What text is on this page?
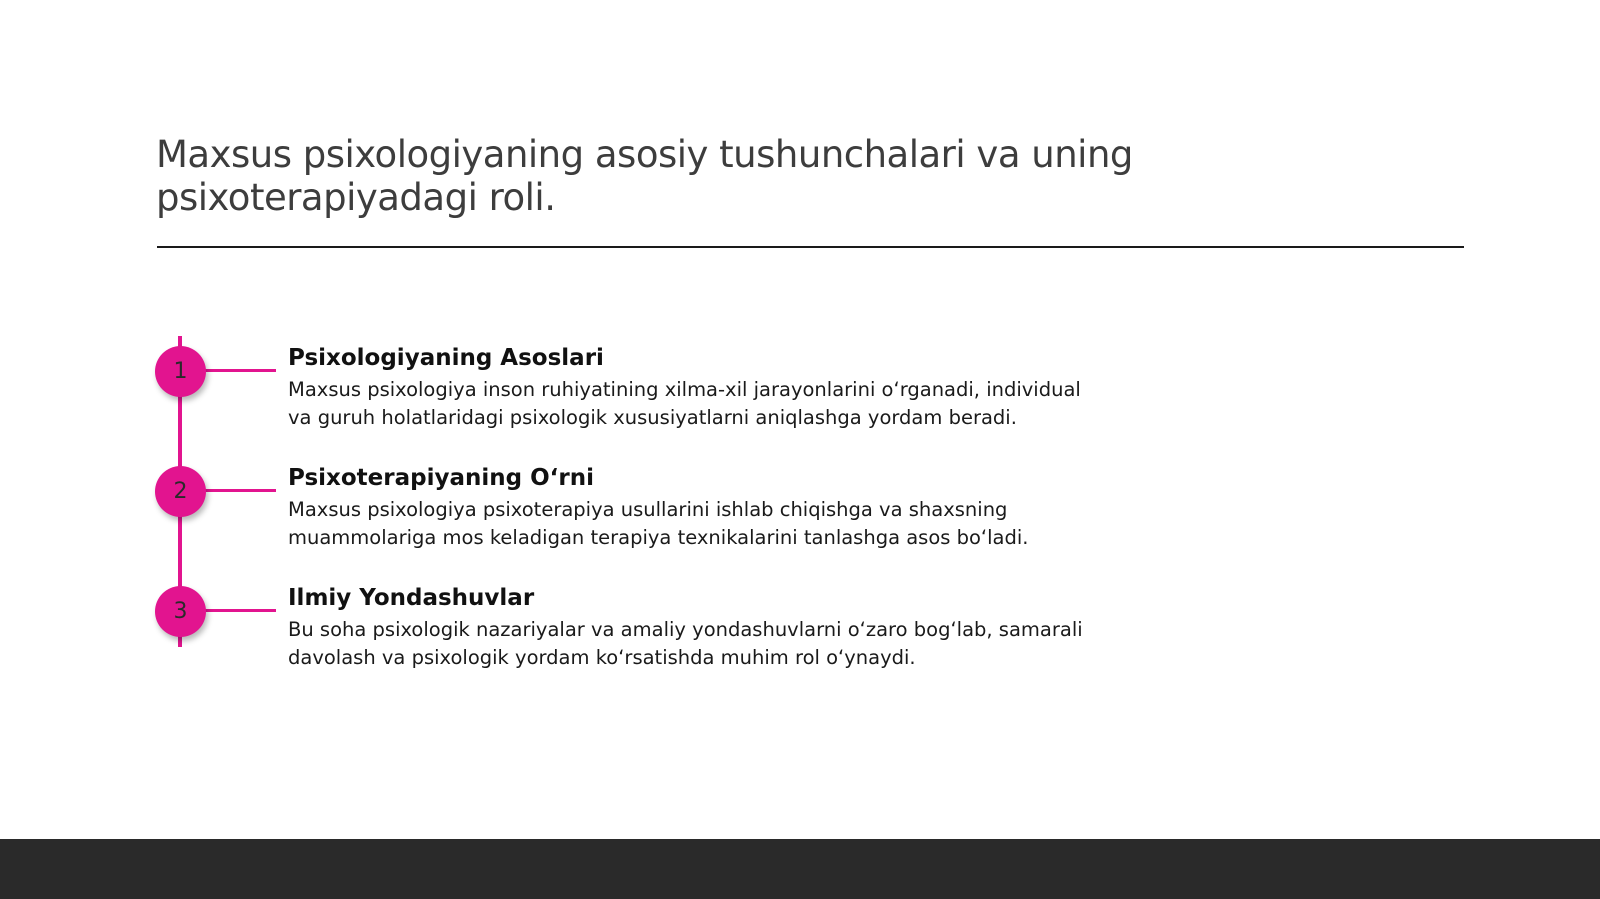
Maxsus psixologiyaning asosiy tushunchalari va uning
psixoterapiyadagi roli.
1
Psixologiyaning Asoslari

Maxsus psixologiya inson ruhiyatining xilma-xil jarayonlarini o‘rganadi, individual va guruh holatlaridagi psixologik xususiyatlarni aniqlashga yordam beradi.

2
Psixoterapiyaning O‘rni

Maxsus psixologiya psixoterapiya usullarini ishlab chiqishga va shaxsning muammolariga mos keladigan terapiya texnikalarini tanlashga asos bo‘ladi.

3
Ilmiy Yondashuvlar

Bu soha psixologik nazariyalar va amaliy yondashuvlarni o‘zaro bog‘lab, samarali davolash va psixologik yordam ko‘rsatishda muhim rol o‘ynaydi.
